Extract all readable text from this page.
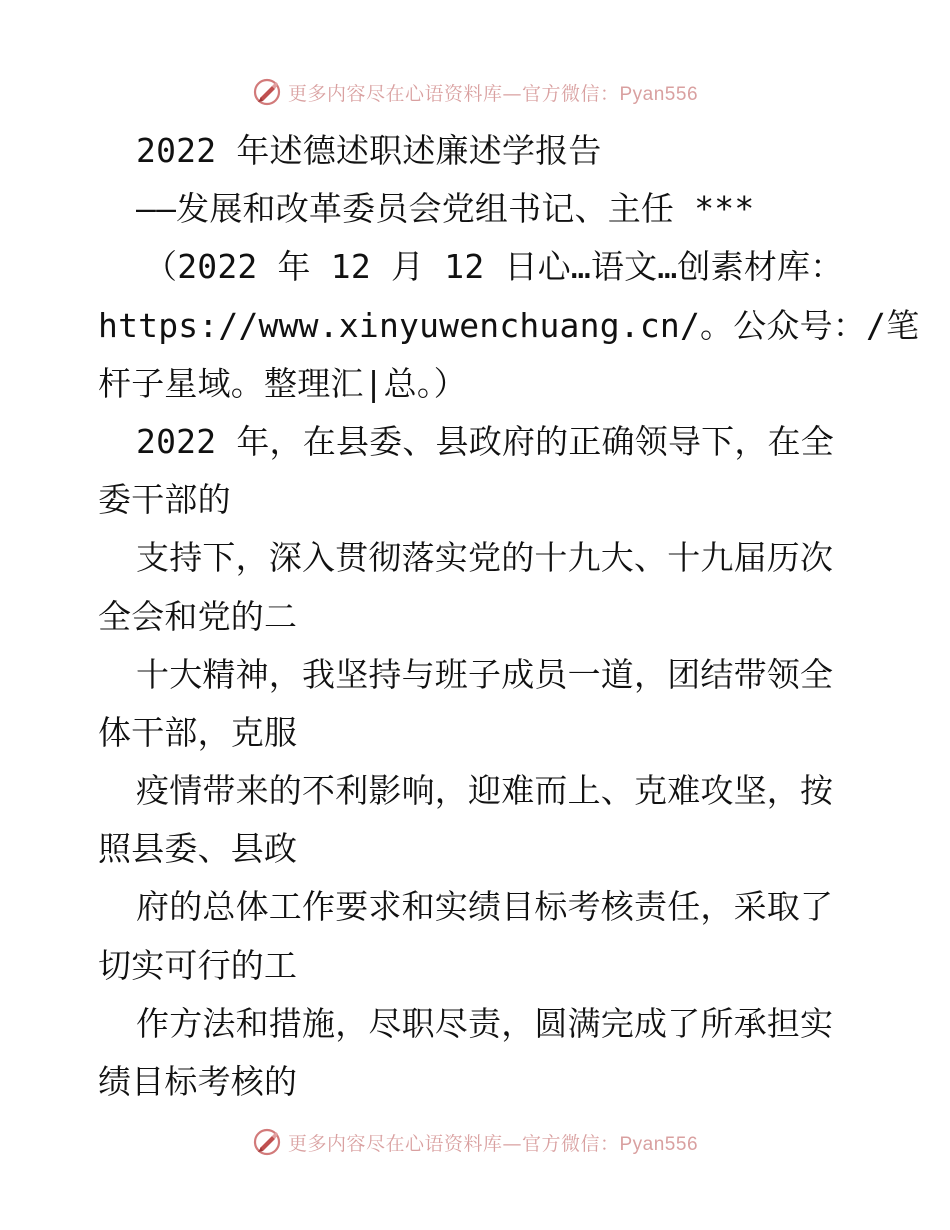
更多内容尽在心语资料库—官方微信：Pyan556
2022 年述德述职述廉述学报告
——发展和改革委员会党组书记、主任 ***
（2022 年 12 月 12 日心…语文…创素材库：
https://www.xinyuwenchuang.cn/。公众号：/笔
杆子星域。整理汇|总。）
2022 年，在县委、县政府的正确领导下，在全
委干部的
支持下，深入贯彻落实党的十九大、十九届历次
全会和党的二
十大精神，我坚持与班子成员一道，团结带领全
体干部，克服
疫情带来的不利影响，迎难而上、克难攻坚，按
照县委、县政
府的总体工作要求和实绩目标考核责任，采取了
切实可行的工
作方法和措施，尽职尽责，圆满完成了所承担实
绩目标考核的
更多内容尽在心语资料库—官方微信：Pyan556
